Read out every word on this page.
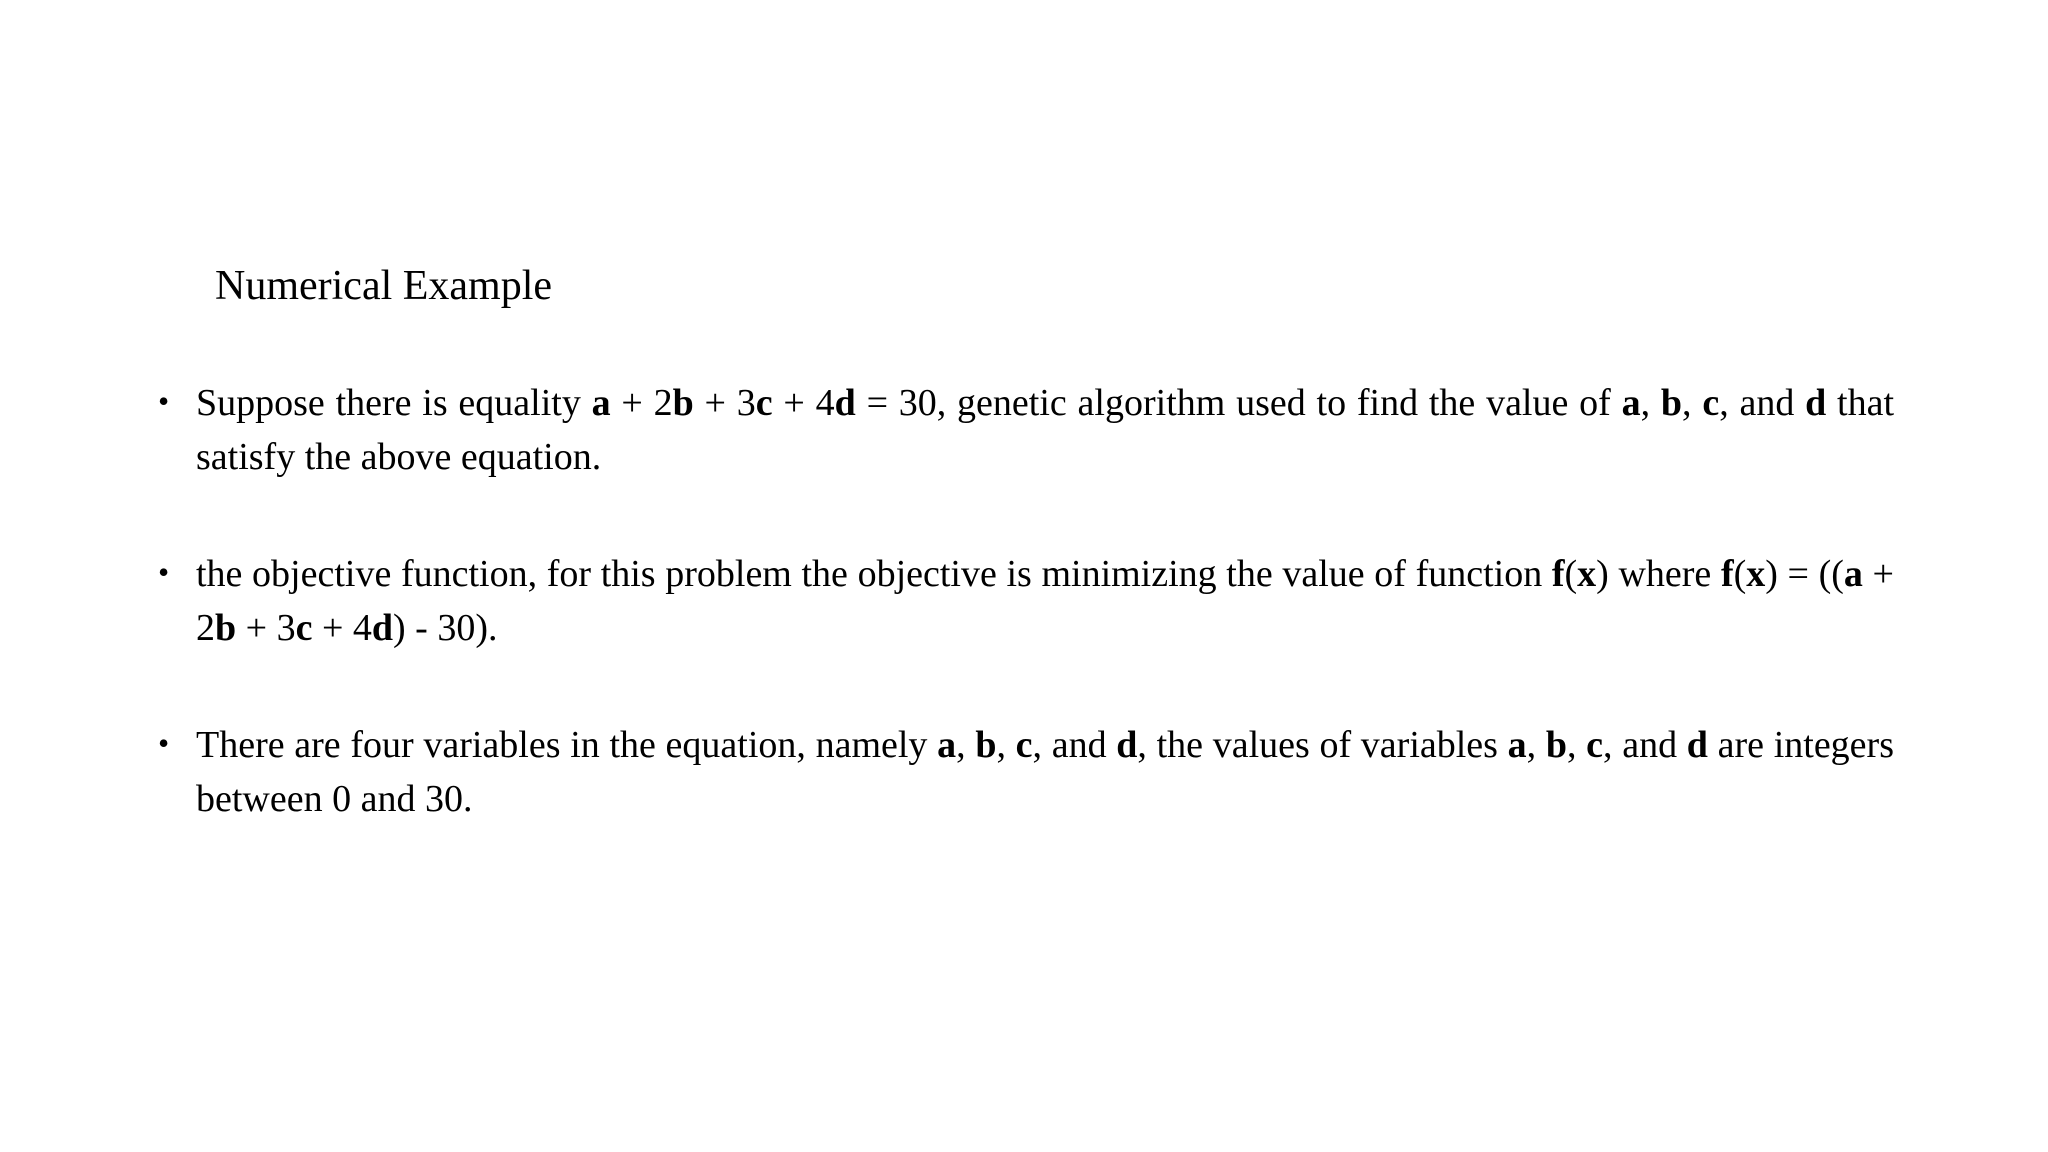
Numerical Example
• Suppose there is equality a + 2b + 3c + 4d = 30, genetic algorithm used to find the value of a, b, c, and d that satisfy the above equation.
• the objective function, for this problem the objective is minimizing the value of function f(x) where f(x) = ((a + 2b + 3c + 4d) - 30).
• There are four variables in the equation, namely a, b, c, and d, the values of variables a, b, c, and d are integers between 0 and 30.
